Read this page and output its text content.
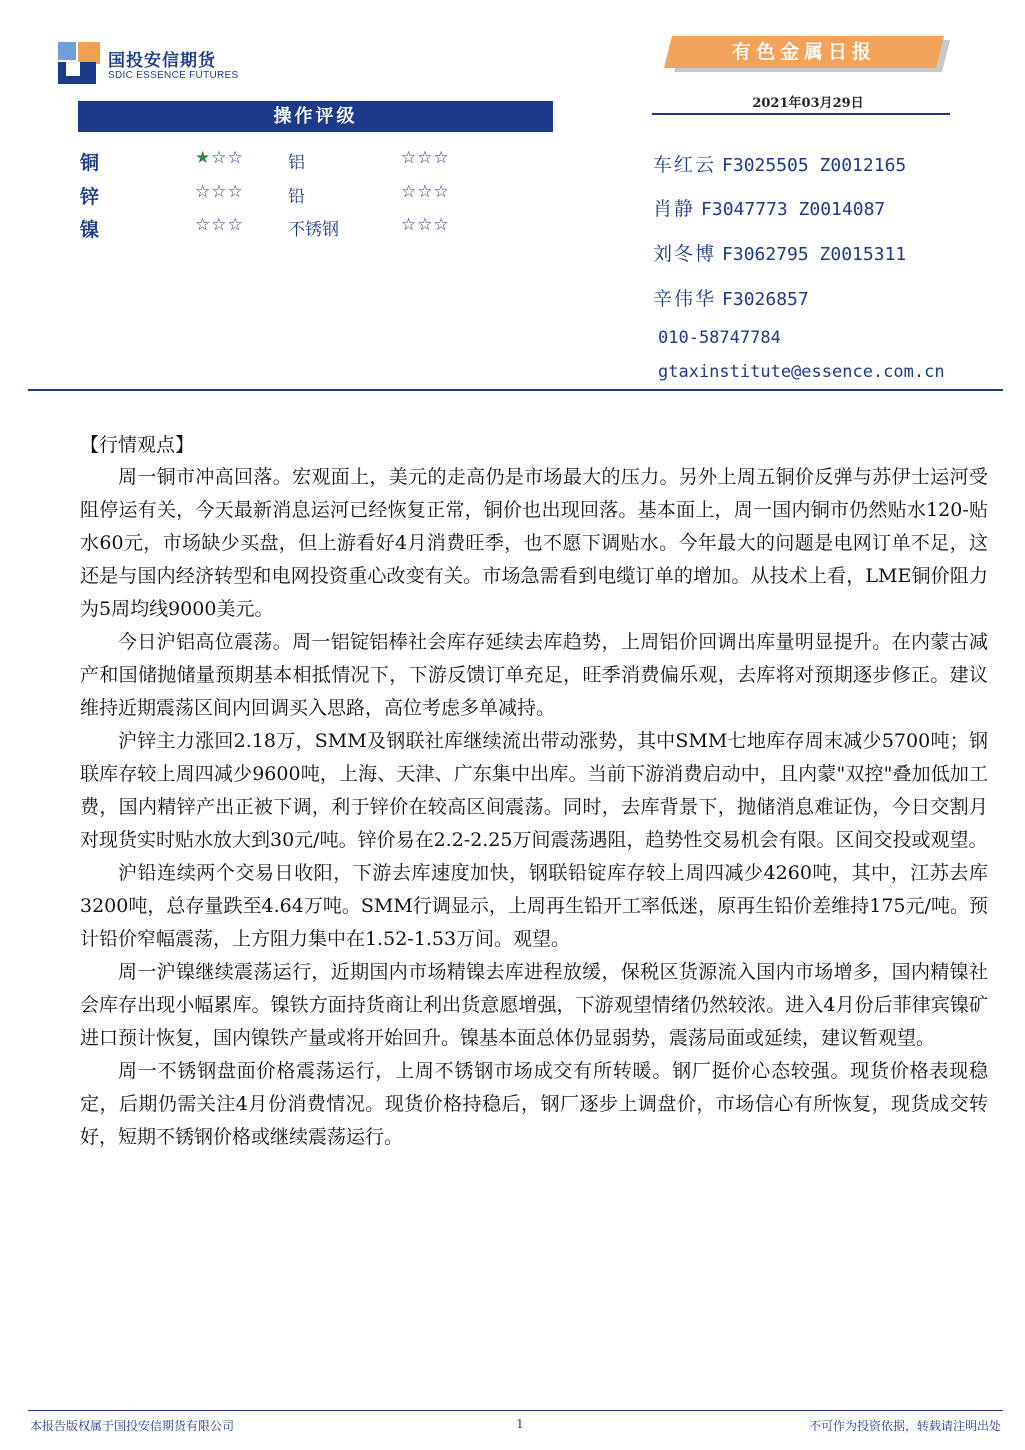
国投安信期货
SDIC ESSENCE FUTURES
有色金属日报
2021年03月29日
操作评级
铜	★☆☆	铝	☆☆☆
锌	☆☆☆	铅	☆☆☆
镍	☆☆☆	不锈钢	☆☆☆
车红云 F3025505 Z0012165
肖静 F3047773 Z0014087
刘冬博 F3062795 Z0015311
辛伟华 F3026857
010-58747784
gtaxinstitute@essence.com.cn
【行情观点】

周一铜市冲高回落。宏观面上，美元的走高仍是市场最大的压力。另外上周五铜价反弹与苏伊士运河受阻停运有关，今天最新消息运河已经恢复正常，铜价也出现回落。基本面上，周一国内铜市仍然贴水120-贴水60元，市场缺少买盘，但上游看好4月消费旺季，也不愿下调贴水。今年最大的问题是电网订单不足，这还是与国内经济转型和电网投资重心改变有关。市场急需看到电缆订单的增加。从技术上看，LME铜价阻力为5周均线9000美元。

今日沪铝高位震荡。周一铝锭铝棒社会库存延续去库趋势，上周铝价回调出库量明显提升。在内蒙古减产和国储抛储量预期基本相抵情况下，下游反馈订单充足，旺季消费偏乐观，去库将对预期逐步修正。建议维持近期震荡区间内回调买入思路，高位考虑多单减持。

沪锌主力涨回2.18万，SMM及钢联社库继续流出带动涨势，其中SMM七地库存周末减少5700吨；钢联库存较上周四减少9600吨，上海、天津、广东集中出库。当前下游消费启动中，且内蒙"双控"叠加低加工费，国内精锌产出正被下调，利于锌价在较高区间震荡。同时，去库背景下，抛储消息难证伪，今日交割月对现货实时贴水放大到30元/吨。锌价易在2.2-2.25万间震荡遇阻，趋势性交易机会有限。区间交投或观望。

沪铅连续两个交易日收阳，下游去库速度加快，钢联铅锭库存较上周四减少4260吨，其中，江苏去库3200吨，总存量跌至4.64万吨。SMM行调显示，上周再生铅开工率低迷，原再生铅价差维持175元/吨。预计铅价窄幅震荡，上方阻力集中在1.52-1.53万间。观望。

周一沪镍继续震荡运行，近期国内市场精镍去库进程放缓，保税区货源流入国内市场增多，国内精镍社会库存出现小幅累库。镍铁方面持货商让利出货意愿增强，下游观望情绪仍然较浓。进入4月份后菲律宾镍矿进口预计恢复，国内镍铁产量或将开始回升。镍基本面总体仍显弱势，震荡局面或延续，建议暂观望。

周一不锈钢盘面价格震荡运行，上周不锈钢市场成交有所转暖。钢厂挺价心态较强。现货价格表现稳定，后期仍需关注4月份消费情况。现货价格持稳后，钢厂逐步上调盘价，市场信心有所恢复，现货成交转好，短期不锈钢价格或继续震荡运行。

本报告版权属于国投安信期货有限公司	1	不可作为投资依据，转载请注明出处
